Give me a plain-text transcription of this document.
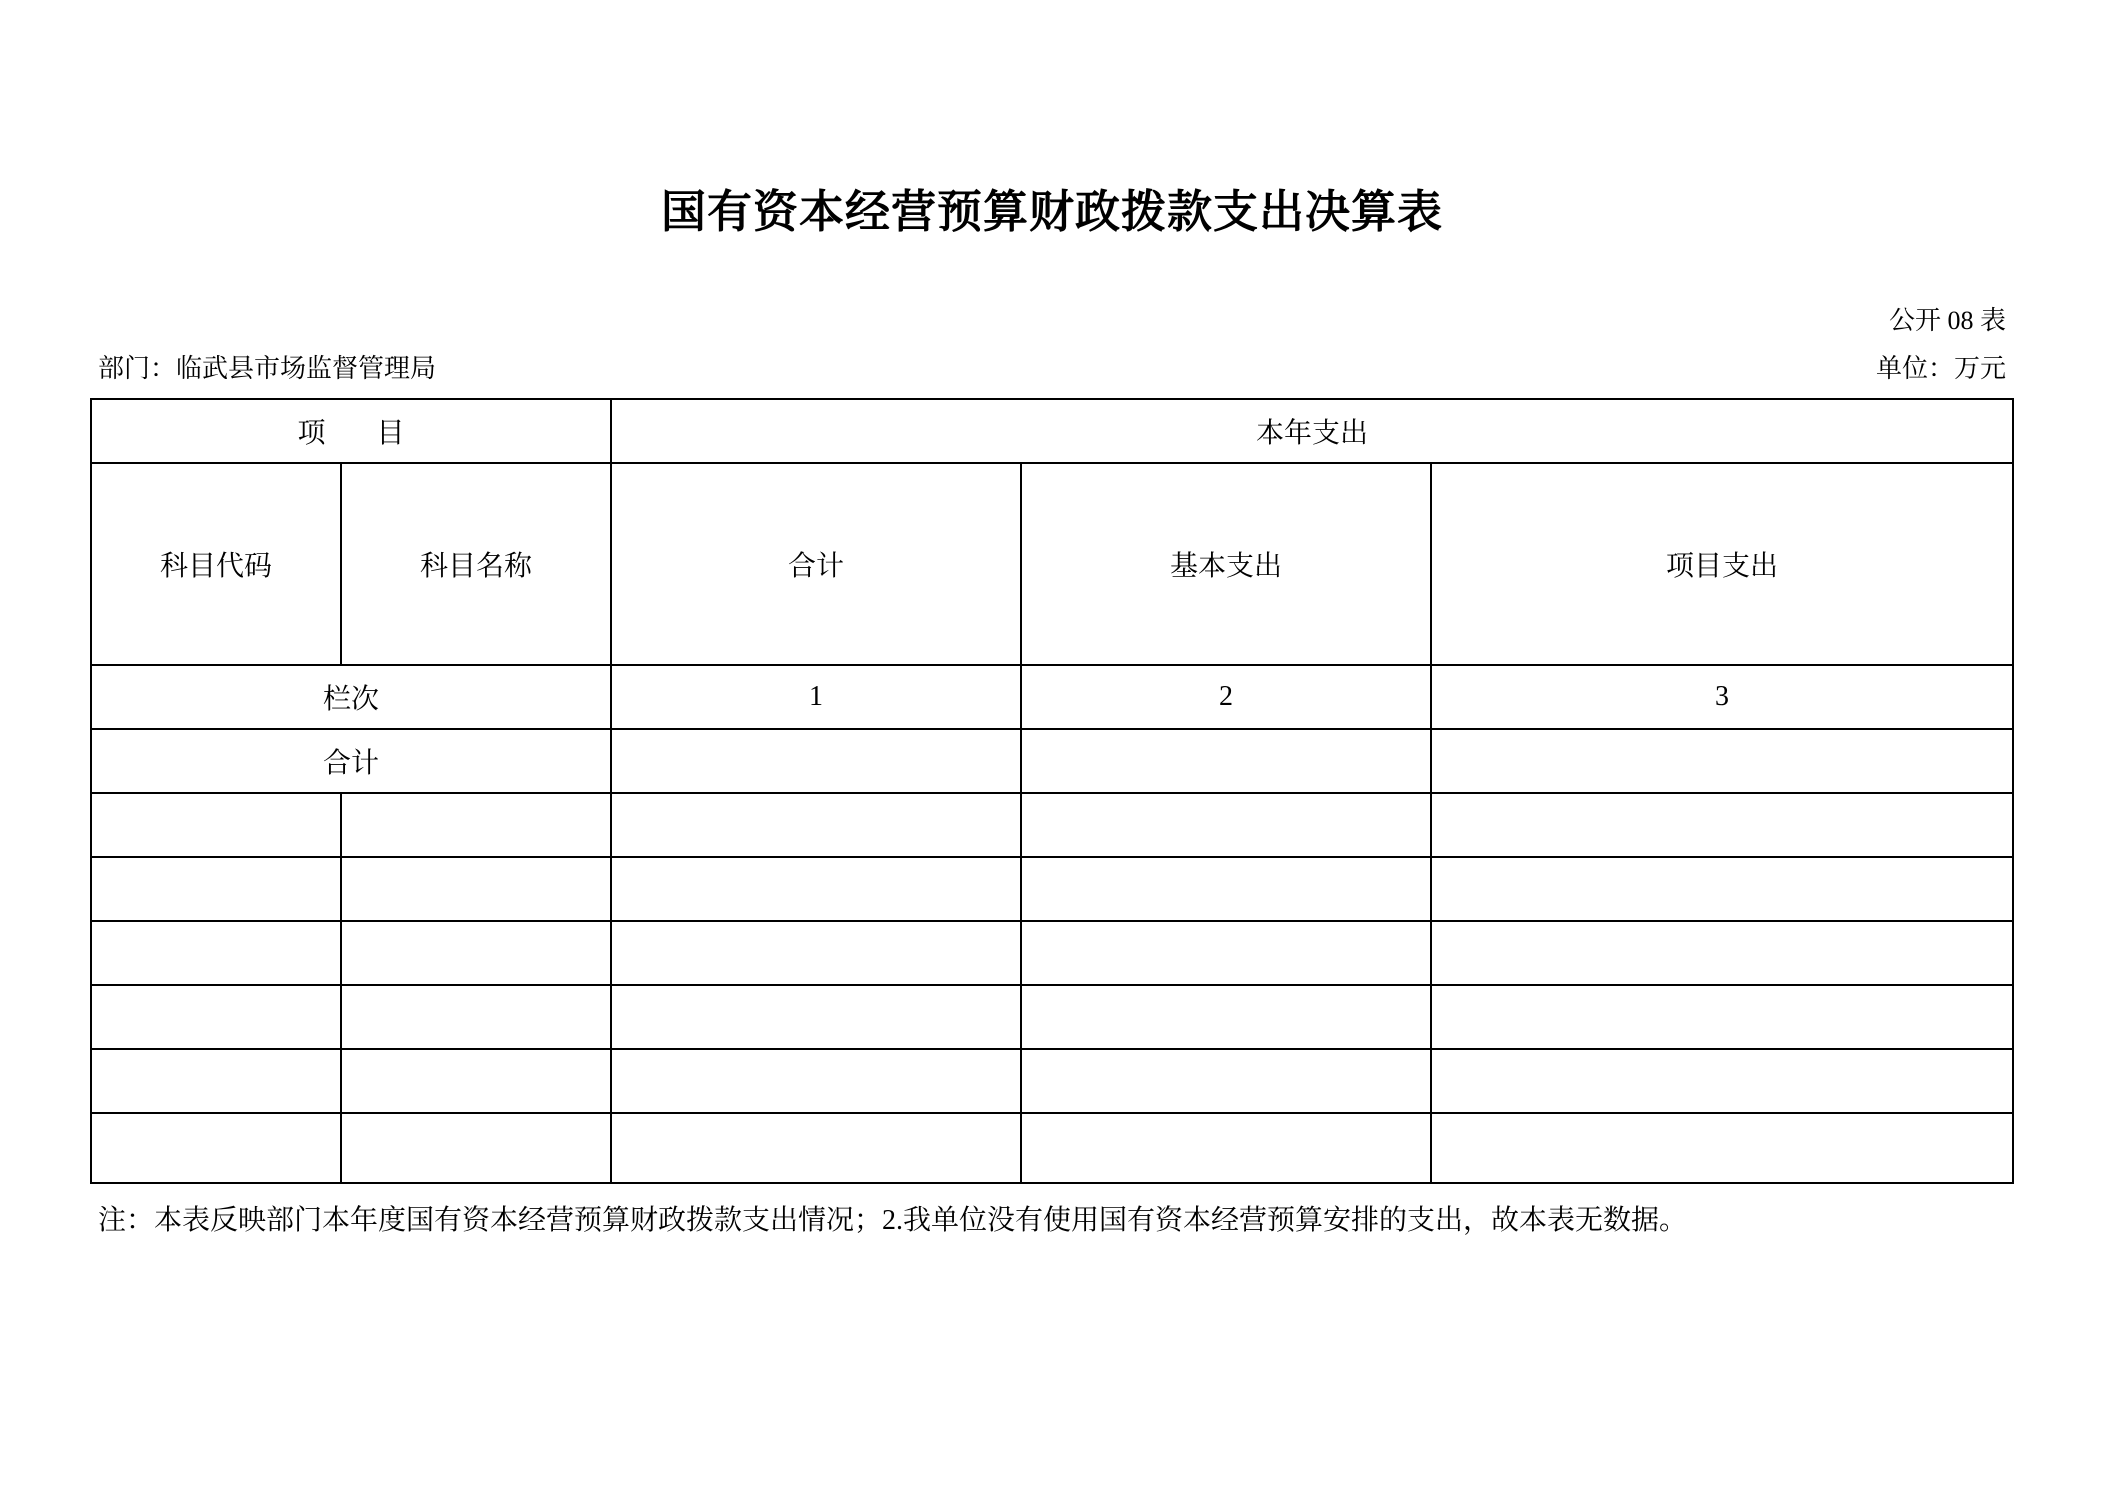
国有资本经营预算财政拨款支出决算表
公开 08 表
部门：临武县市场监督管理局	单位：万元
项 目		本年支出		
科目代码	科目名称	合计	基本支出	项目支出
栏次		1	2	3
合计				

注：本表反映部门本年度国有资本经营预算财政拨款支出情况；2.我单位没有使用国有资本经营预算安排的支出，故本表无数据。
